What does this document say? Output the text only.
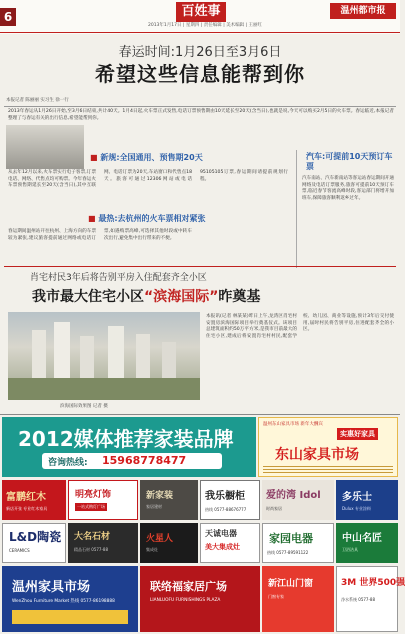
6	百姓事	温州都市报
2013年1月17日 | 星期四 | 责任编辑 | 美术编辑 | 王丽红
春运时间:1月26日至3月6日
希望这些信息能帮到你
本报记者 陈丽丽 实习生 徐一行
2013年春运从1月26日开始,至3月6日结束,共计40天。1月4日起,火车票正式发售,电话订票预售期由10天延长至20天(含当日),也就是说,今天可以购买2月5日的火车票。春运临近,本报记者整理了与春运有关的出行信息,希望能帮到你。
■ 新规:全国通用、预售期20天
从去年12月以来,火车票实行电子客票,订票电话、网络、代售点均可购票。今年春运火车票预售期延长至20天(含当日),其中互联网、电话订票为20天,车站窗口和代售点18天。旅客可通过12306网站或电话95105105订票,春运期间请提前规划行程。
■ 最热:去杭州的火车票相对紧张
春运期间温州站开往杭州、上海方向的车票较为紧张,建议旅客提前通过网络或电话订票,如遇购票高峰,可选择其他时段或中转车次出行,避免集中出行带来的不便。
汽车:可提前10天预订车票
汽车南站、汽车新南站等客运站春运期间开通网络及电话订票服务,旅客可提前10天预订车票,临近春节客流高峰时段,客运部门将增开加班车,保障旅客顺利返乡过年。
肖宅村民3年后将告别平房入住配套齐全小区
我市最大住宅小区“滨海国际”昨奠基
滨海国际效果图 记者 摄
本报讯(记者 林某某)昨日上午,龙湾区肖宅村安置房滨海国际项目举行奠基仪式。该项目总建筑面积约50万平方米,是我市目前最大的住宅小区,建成后将安置肖宅村村民,配套学校、幼儿园、商业等设施,预计3年后交付使用,届时村民将告别平房,住进配套齐全的小区。
2012媒体推荐家装品牌
咨询热线: 15968778477
温州东山家具市场 新年大酬宾
实惠好家具
东山家具市场
富鹏红木
新店开张 专业红木家具
明亮灯饰
一站式购灯广场
新家装
家居建材
我乐橱柜
热线 0577-88676777
爱的湾 Idol
时尚家居
多乐士
Dulux 专业涂料
L&D陶瓷
CERAMICS
大名石材
精品石材 0577-88
火星人
集成灶
天诚电器
美大集成灶
家园电器
热线 0577-89591122
中山名匠
卫浴洁具
温州家具市场
WenZhou Furniture Market 热线 0577-86198888
联络福家居广场
LIANLUOFU FURNISHINGS PLAZA
新江山门窗
门窗专家
3M 世界500强
净水系统 0577-88
